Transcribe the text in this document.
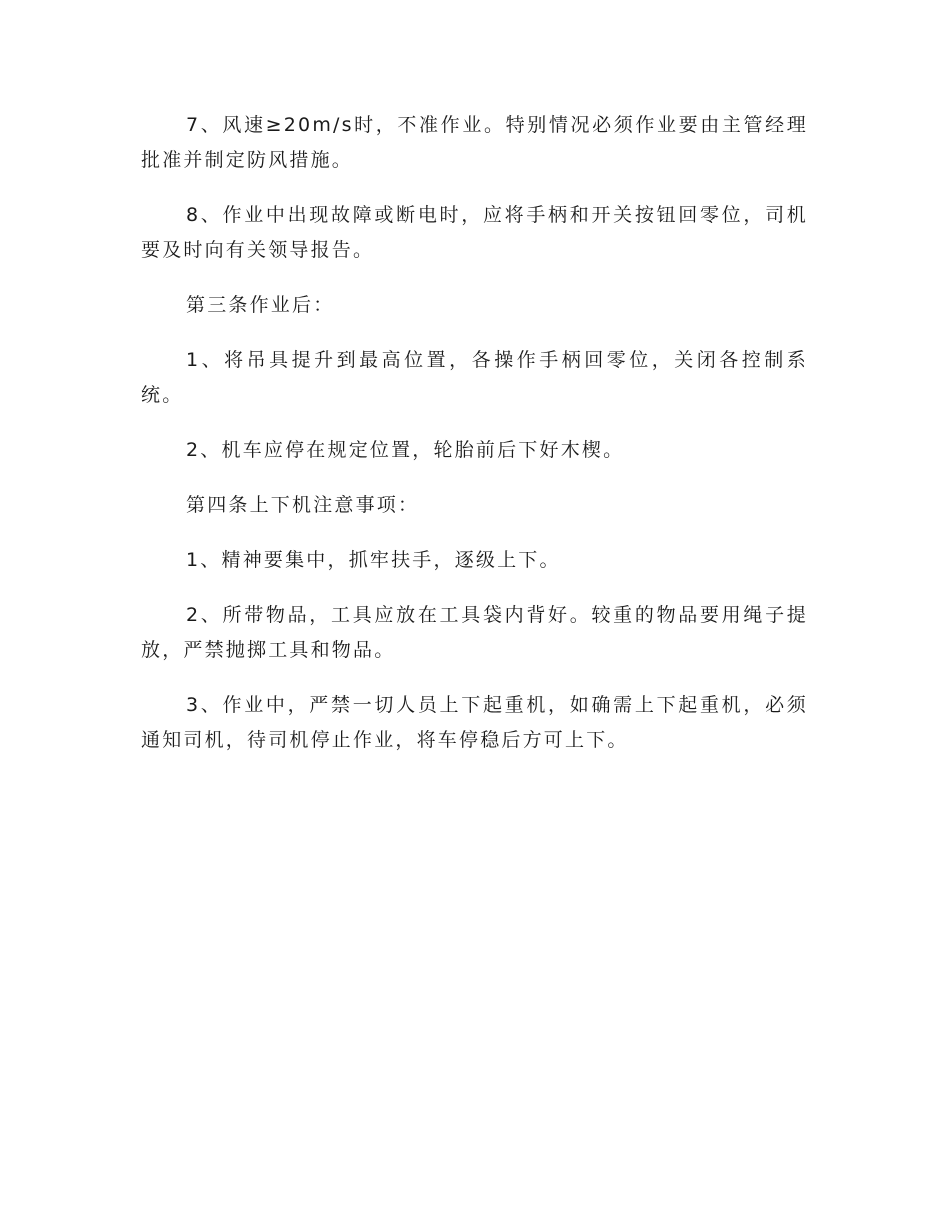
7、风速≥20m/s时，不准作业。特别情况必须作业要由主管经理批准并制定防风措施。

8、作业中出现故障或断电时，应将手柄和开关按钮回零位，司机要及时向有关领导报告。

第三条作业后：

1、将吊具提升到最高位置，各操作手柄回零位，关闭各控制系统。

2、机车应停在规定位置，轮胎前后下好木楔。

第四条上下机注意事项：

1、精神要集中，抓牢扶手，逐级上下。

2、所带物品，工具应放在工具袋内背好。较重的物品要用绳子提放，严禁抛掷工具和物品。

3、作业中，严禁一切人员上下起重机，如确需上下起重机，必须通知司机，待司机停止作业，将车停稳后方可上下。
